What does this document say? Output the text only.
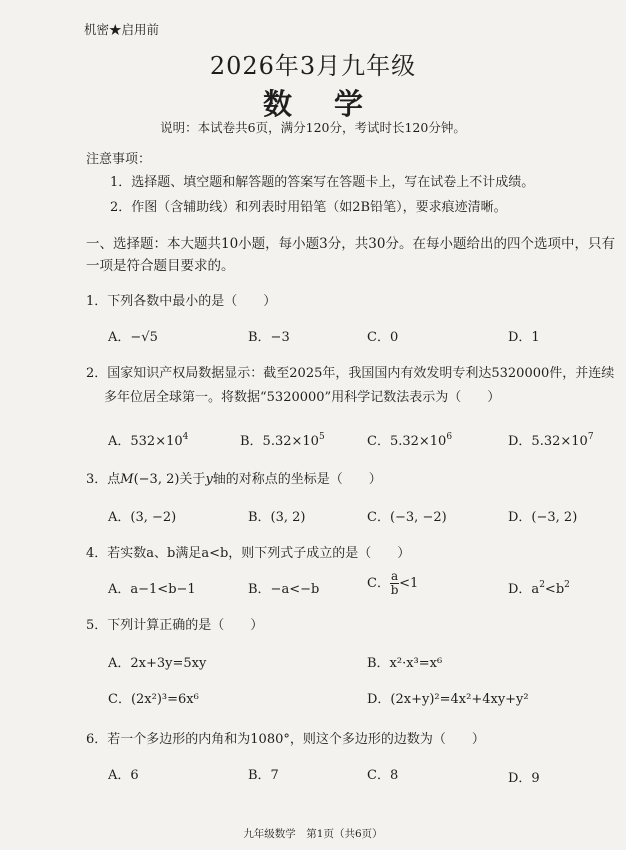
机密★启用前
2026年3月九年级
数 学
说明：本试卷共6页，满分120分，考试时长120分钟。
注意事项：
1．选择题、填空题和解答题的答案写在答题卡上，写在试卷上不计成绩。
2．作图（含辅助线）和列表时用铅笔（如2B铅笔），要求痕迹清晰。
一、选择题：本大题共10小题，每小题3分，共30分。在每小题给出的四个选项中，只有一项是符合题目要求的。
1．下列各数中最小的是（　　）
A．−√5	B．−3	C．0	D．1
2．国家知识产权局数据显示：截至2025年，我国国内有效发明专利达5320000件，并连续
多年位居全球第一。将数据“5320000”用科学记数法表示为（　　）
A．$532\times 10^4$	B．$5.32\times 10^5$	C．$5.32\times 10^6$	D．$5.32\times 10^7$
3．点M(−3, 2)关于y轴的对称点的坐标是（　　）
A．(3, −2)	B．(3, 2)	C．(−3, −2)	D．(−3, 2)
4．若实数a、b满足a<b，则下列式子成立的是（　　）
A．a−1<b−1	B．−a<−b	C． $\frac{a}{b} <1$	D．$a^2<b^2$
5．下列计算正确的是（　　）
A．2x+3y=5xy	B．x²·x³=x⁶
C．(2x²)³=6x⁶	D．(2x+y)²=4x²+4xy+y²
6．若一个多边形的内角和为1080°，则这个多边形的边数为（　　）
A．6	B．7	C．8	D．9
九年级数学　第1页（共6页）
